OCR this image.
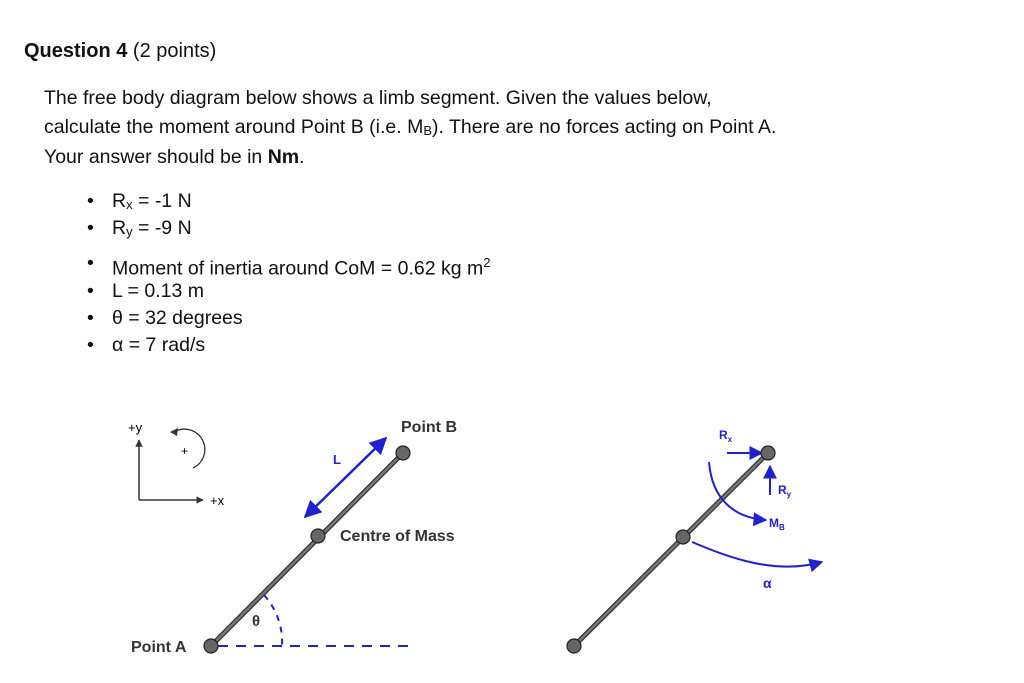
Question 4 (2 points)
The free body diagram below shows a limb segment. Given the values below,
calculate the moment around Point B (i.e. $M_B$). There are no forces acting on Point A.
Your answer should be in Nm.
• $R_x = -1$ N
• $R_y = -9$ N
• Moment of inertia around CoM = 0.62 kg $m^2$
• L = 0.13 m
• θ = 32 degrees
• α = 7 rad/s
+y
+x
+
Point B
L
Centre of Mass
θ
Point A
$R_x$
$R_y$
$M_B$
α
